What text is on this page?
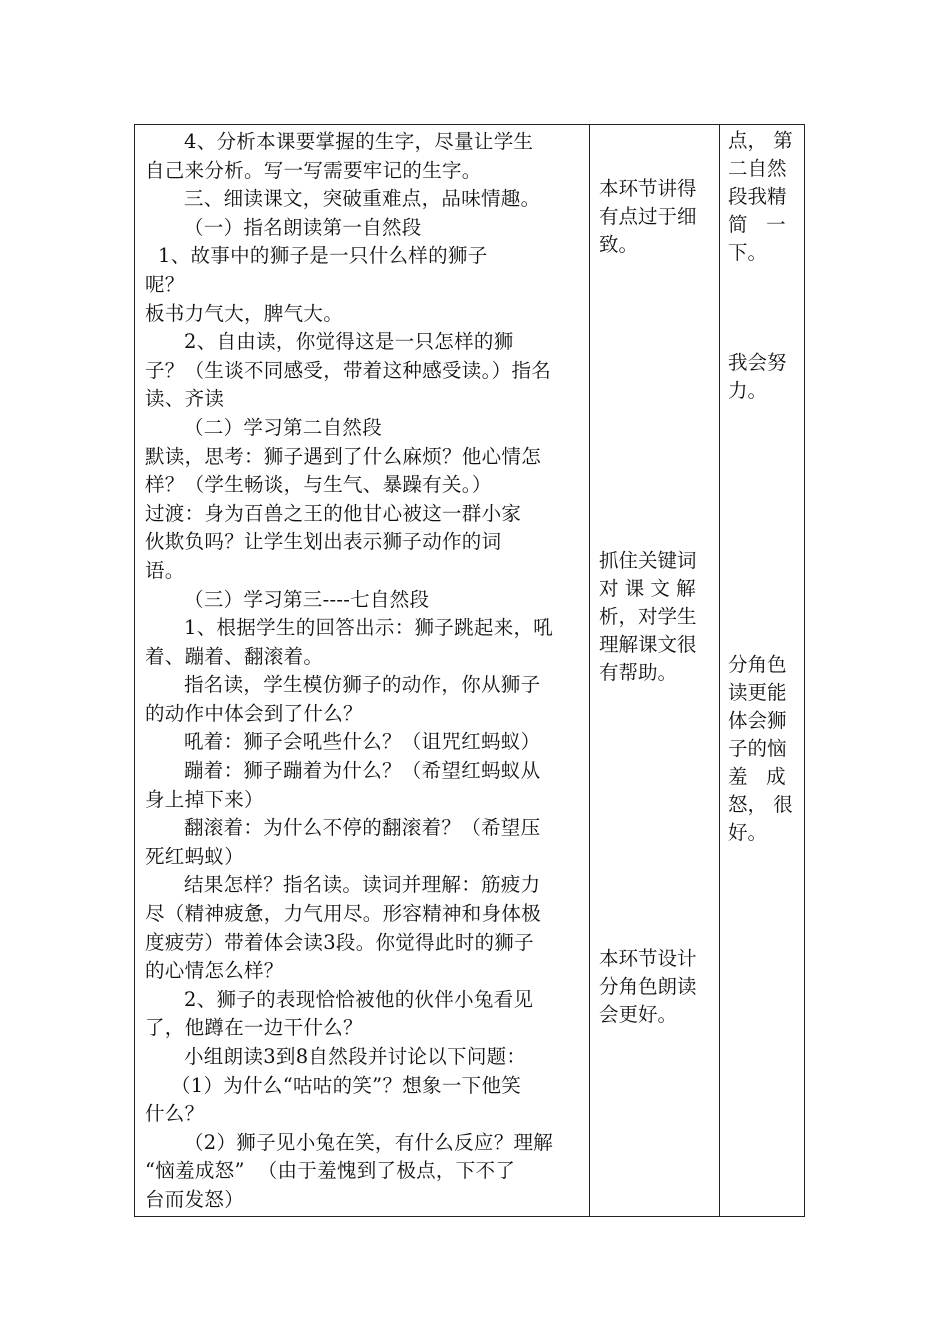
4、分析本课要掌握的生字，尽量让学生
自己来分析。写一写需要牢记的生字。
三、细读课文，突破重难点，品味情趣。
（一）指名朗读第一自然段
1、故事中的狮子是一只什么样的狮子
呢？
板书力气大，脾气大。
2、自由读，你觉得这是一只怎样的狮
子？（生谈不同感受，带着这种感受读。）指名
读、齐读
（二）学习第二自然段
默读，思考：狮子遇到了什么麻烦？他心情怎
样？（学生畅谈，与生气、暴躁有关。）
过渡：身为百兽之王的他甘心被这一群小家
伙欺负吗？让学生划出表示狮子动作的词
语。
（三）学习第三----七自然段
1、根据学生的回答出示：狮子跳起来，吼
着、蹦着、翻滚着。
指名读，学生模仿狮子的动作，你从狮子
的动作中体会到了什么？
吼着：狮子会吼些什么？（诅咒红蚂蚁）
蹦着：狮子蹦着为什么？（希望红蚂蚁从
身上掉下来）
翻滚着：为什么不停的翻滚着？（希望压
死红蚂蚁）
结果怎样？指名读。读词并理解：筋疲力
尽（精神疲惫，力气用尽。形容精神和身体极
度疲劳）带着体会读3段。你觉得此时的狮子
的心情怎么样？
2、狮子的表现恰恰被他的伙伴小兔看见
了，他蹲在一边干什么？
小组朗读3到8自然段并讨论以下问题：
（1）为什么“咕咕的笑”？想象一下他笑
什么？
（2）狮子见小兔在笑，有什么反应？理解
“恼羞成怒”  （由于羞愧到了极点，下不了
台而发怒）
本环节讲得
有点过于细
致。
抓住关键词
对 课 文 解
析，对学生
理解课文很
有帮助。
本环节设计
分角色朗读
会更好。
点， 第
二自然
段我精
简   一
下。
我会努
力。
分角色
读更能
体会狮
子的恼
羞   成
怒， 很
好。
